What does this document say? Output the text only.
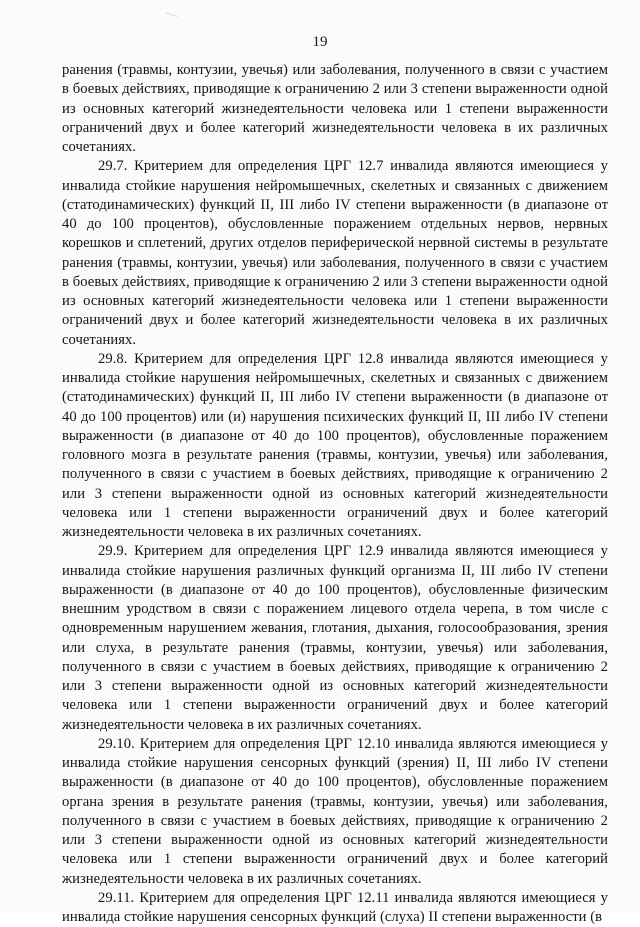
19

ранения (травмы, контузии, увечья) или заболевания, полученного в связи с участием в боевых действиях, приводящие к ограничению 2 или 3 степени выраженности одной из основных категорий жизнедеятельности человека или 1 степени выраженности ограничений двух и более категорий жизнедеятельности человека в их различных сочетаниях.

29.7. Критерием для определения ЦРГ 12.7 инвалида являются имеющиеся у инвалида стойкие нарушения нейромышечных, скелетных и связанных с движением (статодинамических) функций II, III либо IV степени выраженности (в диапазоне от 40 до 100 процентов), обусловленные поражением отдельных нервов, нервных корешков и сплетений, других отделов периферической нервной системы в результате ранения (травмы, контузии, увечья) или заболевания, полученного в связи с участием в боевых действиях, приводящие к ограничению 2 или 3 степени выраженности одной из основных категорий жизнедеятельности человека или 1 степени выраженности ограничений двух и более категорий жизнедеятельности человека в их различных сочетаниях.

29.8. Критерием для определения ЦРГ 12.8 инвалида являются имеющиеся у инвалида стойкие нарушения нейромышечных, скелетных и связанных с движением (статодинамических) функций II, III либо IV степени выраженности (в диапазоне от 40 до 100 процентов) или (и) нарушения психических функций II, III либо IV степени выраженности (в диапазоне от 40 до 100 процентов), обусловленные поражением головного мозга в результате ранения (травмы, контузии, увечья) или заболевания, полученного в связи с участием в боевых действиях, приводящие к ограничению 2 или 3 степени выраженности одной из основных категорий жизнедеятельности человека или 1 степени выраженности ограничений двух и более категорий жизнедеятельности человека в их различных сочетаниях.

29.9. Критерием для определения ЦРГ 12.9 инвалида являются имеющиеся у инвалида стойкие нарушения различных функций организма II, III либо IV степени выраженности (в диапазоне от 40 до 100 процентов), обусловленные физическим внешним уродством в связи с поражением лицевого отдела черепа, в том числе с одновременным нарушением жевания, глотания, дыхания, голосообразования, зрения или слуха, в результате ранения (травмы, контузии, увечья) или заболевания, полученного в связи с участием в боевых действиях, приводящие к ограничению 2 или 3 степени выраженности одной из основных категорий жизнедеятельности человека или 1 степени выраженности ограничений двух и более категорий жизнедеятельности человека в их различных сочетаниях.

29.10. Критерием для определения ЦРГ 12.10 инвалида являются имеющиеся у инвалида стойкие нарушения сенсорных функций (зрения) II, III либо IV степени выраженности (в диапазоне от 40 до 100 процентов), обусловленные поражением органа зрения в результате ранения (травмы, контузии, увечья) или заболевания, полученного в связи с участием в боевых действиях, приводящие к ограничению 2 или 3 степени выраженности одной из основных категорий жизнедеятельности человека или 1 степени выраженности ограничений двух и более категорий жизнедеятельности человека в их различных сочетаниях.

29.11. Критерием для определения ЦРГ 12.11 инвалида являются имеющиеся у инвалида стойкие нарушения сенсорных функций (слуха) II степени выраженности (в
